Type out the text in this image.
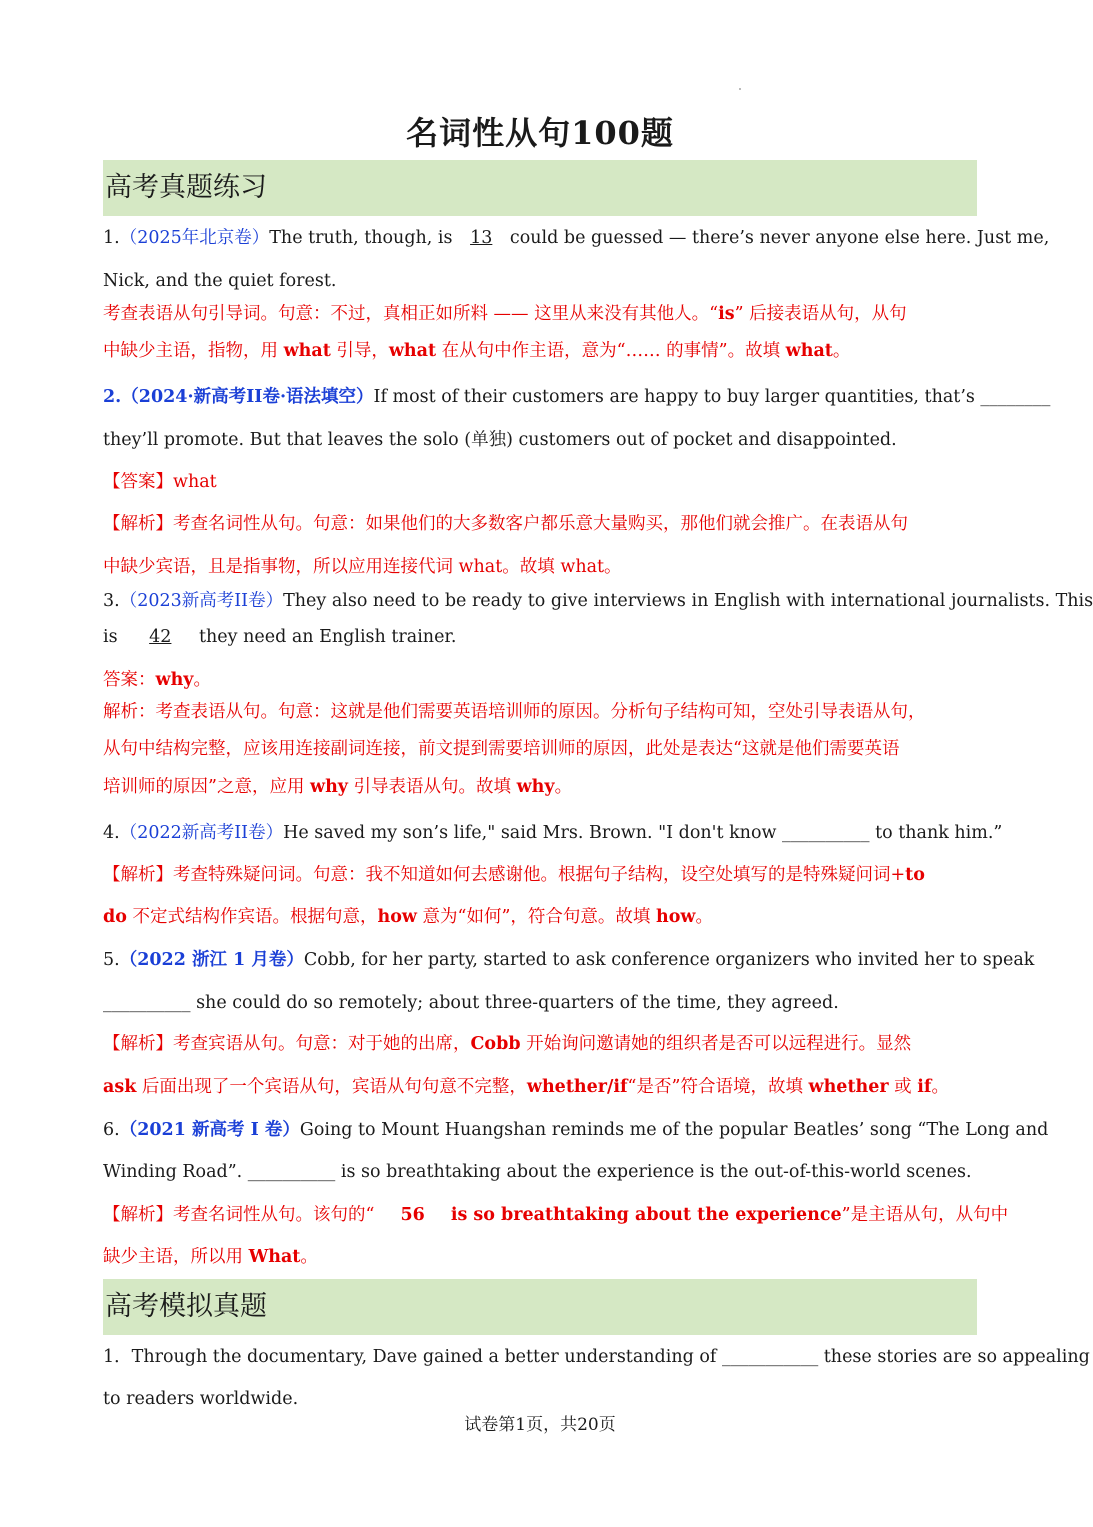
名词性从句100题
高考真题练习
1.（2025年北京卷）The truth, though, is 13 could be guessed — there’s never anyone else here. Just me,
Nick, and the quiet forest.
考查表语从句引导词。句意：不过，真相正如所料 —— 这里从来没有其他人。“is” 后接表语从句，从句
中缺少主语，指物，用 what 引导，what 在从句中作主语，意为“…… 的事情”。故填 what。
2.（2024·新高考II卷·语法填空）If most of their customers are happy to buy larger quantities, that’s ________
they’ll promote. But that leaves the solo (单独) customers out of pocket and disappointed.
【答案】what
【解析】考查名词性从句。句意：如果他们的大多数客户都乐意大量购买，那他们就会推广。在表语从句
中缺少宾语，且是指事物，所以应用连接代词 what。故填 what。
3.（2023新高考II卷）They also need to be ready to give interviews in English with international journalists. This
is 42 they need an English trainer.
答案：why。
解析：考查表语从句。句意：这就是他们需要英语培训师的原因。分析句子结构可知，空处引导表语从句，
从句中结构完整，应该用连接副词连接，前文提到需要培训师的原因，此处是表达“这就是他们需要英语
培训师的原因”之意，应用 why 引导表语从句。故填 why。
4.（2022新高考II卷）He saved my son’s life," said Mrs. Brown. "I don't know __________ to thank him.”
【解析】考查特殊疑问词。句意：我不知道如何去感谢他。根据句子结构，设空处填写的是特殊疑问词+to
do 不定式结构作宾语。根据句意，how 意为“如何”，符合句意。故填 how。
5.（2022 浙江 1 月卷）Cobb, for her party, started to ask conference organizers who invited her to speak
__________ she could do so remotely; about three-quarters of the time, they agreed.
【解析】考查宾语从句。句意：对于她的出席，Cobb 开始询问邀请她的组织者是否可以远程进行。显然
ask 后面出现了一个宾语从句，宾语从句句意不完整，whether/if“是否”符合语境，故填 whether 或 if。
6.（2021 新高考 I 卷）Going to Mount Huangshan reminds me of the popular Beatles’ song “The Long and
Winding Road”. __________ is so breathtaking about the experience is the out-of-this-world scenes.
【解析】考查名词性从句。该句的“ 56 is so breathtaking about the experience”是主语从句，从句中
缺少主语，所以用 What。
高考模拟真题
1．Through the documentary, Dave gained a better understanding of ___________ these stories are so appealing
to readers worldwide.
试卷第1页，共20页
